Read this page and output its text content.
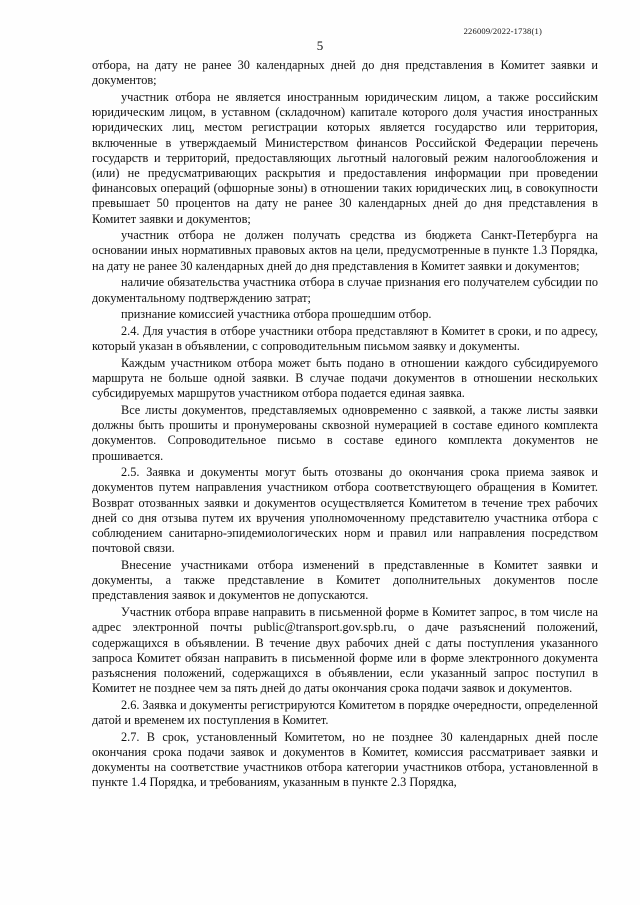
226009/2022-1738(1)
5

отбора, на дату не ранее 30 календарных дней до дня представления в Комитет заявки и документов;

участник отбора не является иностранным юридическим лицом, а также российским юридическим лицом, в уставном (складочном) капитале которого доля участия иностранных юридических лиц, местом регистрации которых является государство или территория, включенные в утверждаемый Министерством финансов Российской Федерации перечень государств и территорий, предоставляющих льготный налоговый режим налогообложения и (или) не предусматривающих раскрытия и предоставления информации при проведении финансовых операций (офшорные зоны) в отношении таких юридических лиц, в совокупности превышает 50 процентов на дату не ранее 30 календарных дней до дня представления в Комитет заявки и документов;

участник отбора не должен получать средства из бюджета Санкт-Петербурга на основании иных нормативных правовых актов на цели, предусмотренные в пункте 1.3 Порядка, на дату не ранее 30 календарных дней до дня представления в Комитет заявки и документов;

наличие обязательства участника отбора в случае признания его получателем субсидии по документальному подтверждению затрат;

признание комиссией участника отбора прошедшим отбор.

2.4. Для участия в отборе участники отбора представляют в Комитет в сроки, и по адресу, который указан в объявлении, с сопроводительным письмом заявку и документы.

Каждым участником отбора может быть подано в отношении каждого субсидируемого маршрута не больше одной заявки. В случае подачи документов в отношении нескольких субсидируемых маршрутов участником отбора подается единая заявка.

Все листы документов, представляемых одновременно с заявкой, а также листы заявки должны быть прошиты и пронумерованы сквозной нумерацией в составе единого комплекта документов. Сопроводительное письмо в составе единого комплекта документов не прошивается.

2.5. Заявка и документы могут быть отозваны до окончания срока приема заявок и документов путем направления участником отбора соответствующего обращения в Комитет. Возврат отозванных заявки и документов осуществляется Комитетом в течение трех рабочих дней со дня отзыва путем их вручения уполномоченному представителю участника отбора с соблюдением санитарно-эпидемиологических норм и правил или направления посредством почтовой связи.

Внесение участниками отбора изменений в представленные в Комитет заявки и документы, а также представление в Комитет дополнительных документов после представления заявок и документов не допускаются.

Участник отбора вправе направить в письменной форме в Комитет запрос, в том числе на адрес электронной почты public@transport.gov.spb.ru, о даче разъяснений положений, содержащихся в объявлении. В течение двух рабочих дней с даты поступления указанного запроса Комитет обязан направить в письменной форме или в форме электронного документа разъяснения положений, содержащихся в объявлении, если указанный запрос поступил в Комитет не позднее чем за пять дней до даты окончания срока подачи заявок и документов.

2.6. Заявка и документы регистрируются Комитетом в порядке очередности, определенной датой и временем их поступления в Комитет.

2.7. В срок, установленный Комитетом, но не позднее 30 календарных дней после окончания срока подачи заявок и документов в Комитет, комиссия рассматривает заявки и документы на соответствие участников отбора категории участников отбора, установленной в пункте 1.4 Порядка, и требованиям, указанным в пункте 2.3 Порядка,
